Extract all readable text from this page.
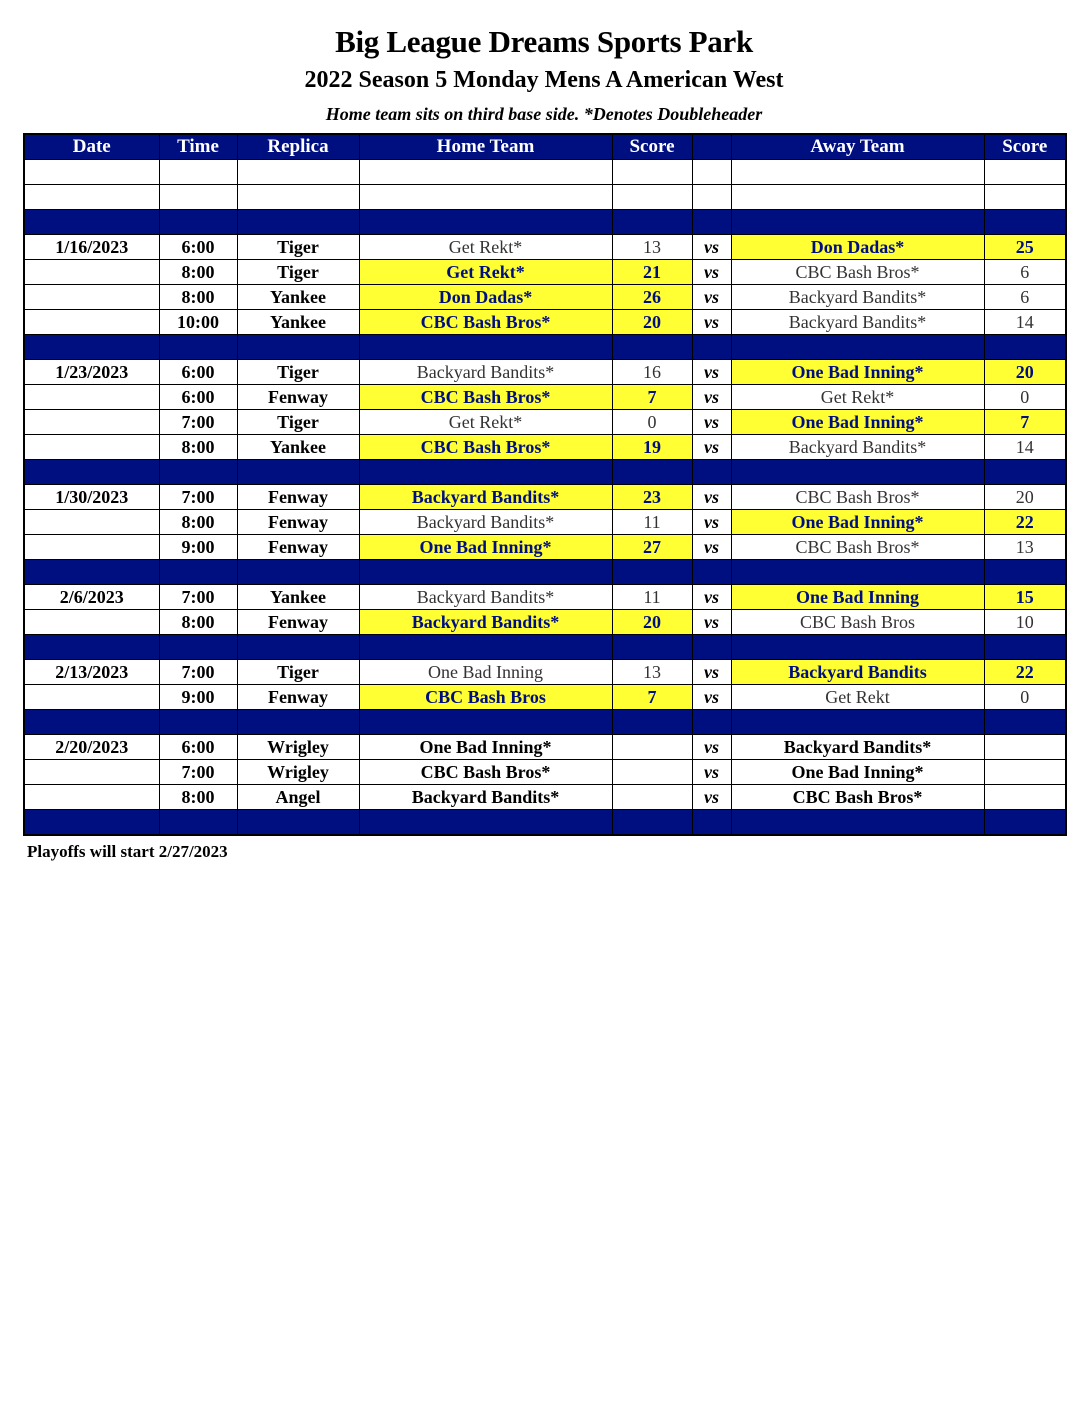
Big League Dreams Sports Park
2022 Season 5 Monday Mens A American West
Home team sits on third base side. *Denotes Doubleheader
Date	Time	Replica	Home Team	Score		Away Team	Score

1/16/2023	6:00	Tiger	Get Rekt*	13	vs	Don Dadas*	25
	8:00	Tiger	Get Rekt*	21	vs	CBC Bash Bros*	6
	8:00	Yankee	Don Dadas*	26	vs	Backyard Bandits*	6
	10:00	Yankee	CBC Bash Bros*	20	vs	Backyard Bandits*	14

1/23/2023	6:00	Tiger	Backyard Bandits*	16	vs	One Bad Inning*	20
	6:00	Fenway	CBC Bash Bros*	7	vs	Get Rekt*	0
	7:00	Tiger	Get Rekt*	0	vs	One Bad Inning*	7
	8:00	Yankee	CBC Bash Bros*	19	vs	Backyard Bandits*	14

1/30/2023	7:00	Fenway	Backyard Bandits*	23	vs	CBC Bash Bros*	20
	8:00	Fenway	Backyard Bandits*	11	vs	One Bad Inning*	22
	9:00	Fenway	One Bad Inning*	27	vs	CBC Bash Bros*	13

2/6/2023	7:00	Yankee	Backyard Bandits*	11	vs	One Bad Inning	15
	8:00	Fenway	Backyard Bandits*	20	vs	CBC Bash Bros	10

2/13/2023	7:00	Tiger	One Bad Inning	13	vs	Backyard Bandits	22
	9:00	Fenway	CBC Bash Bros	7	vs	Get Rekt	0

2/20/2023	6:00	Wrigley	One Bad Inning*		vs	Backyard Bandits*	
	7:00	Wrigley	CBC Bash Bros*		vs	One Bad Inning*	
	8:00	Angel	Backyard Bandits*		vs	CBC Bash Bros*	

Playoffs will start 2/27/2023
